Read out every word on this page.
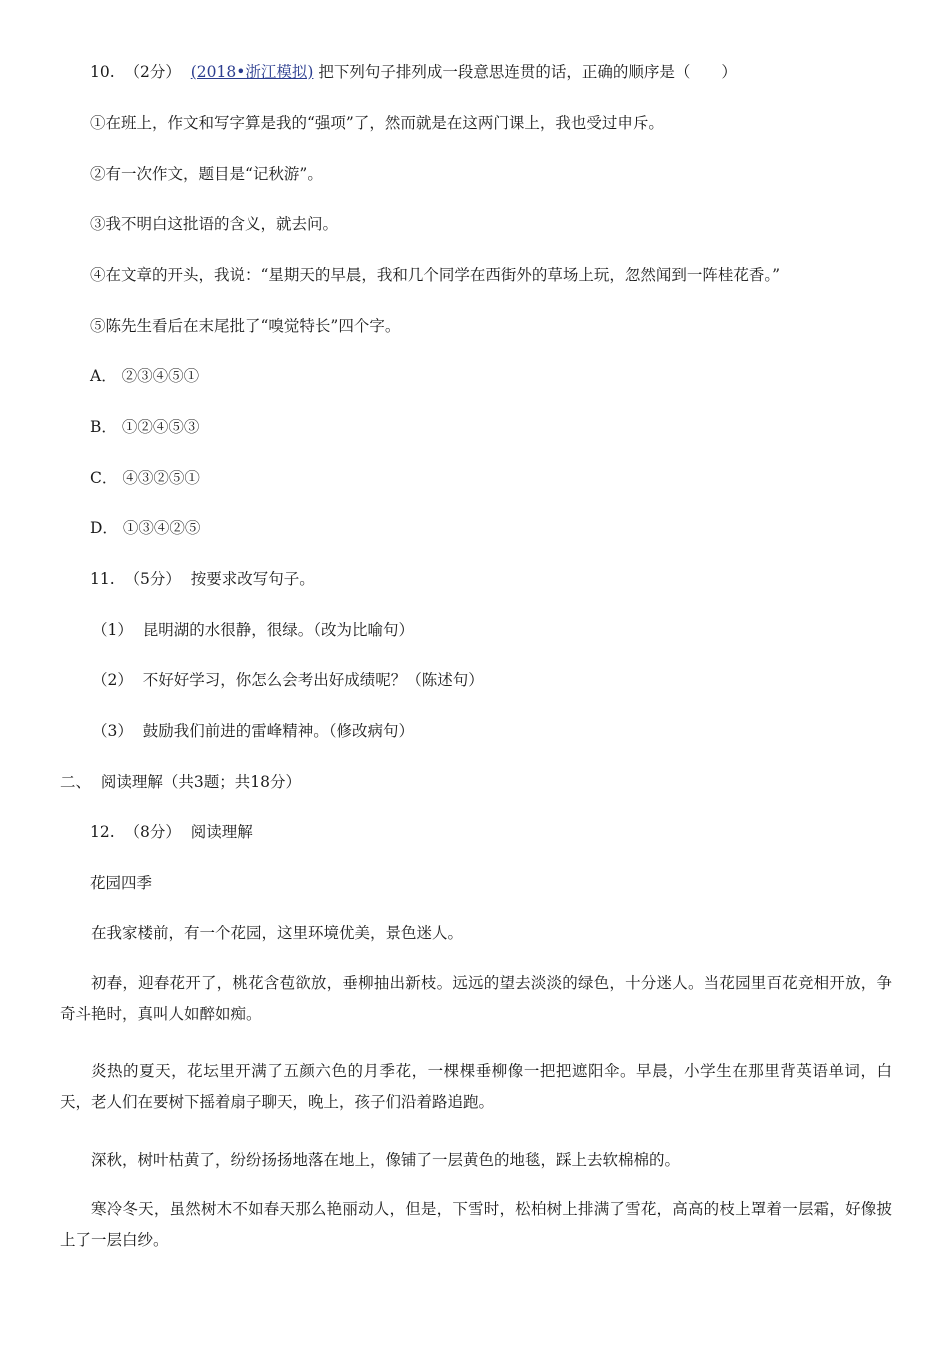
10. （2分） (2018•浙江模拟) 把下列句子排列成一段意思连贯的话，正确的顺序是（　　）
①在班上，作文和写字算是我的“强项”了，然而就是在这两门课上，我也受过申斥。
②有一次作文，题目是“记秋游”。
③我不明白这批语的含义，就去问。
④在文章的开头，我说：“星期天的早晨，我和几个同学在西街外的草场上玩，忽然闻到一阵桂花香。”
⑤陈先生看后在末尾批了“嗅觉特长”四个字。
A． ②③④⑤①
B． ①②④⑤③
C． ④③②⑤①
D． ①③④②⑤
11. （5分） 按要求改写句子。
（1） 昆明湖的水很静，很绿。（改为比喻句）
（2） 不好好学习，你怎么会考出好成绩呢？（陈述句）
（3） 鼓励我们前进的雷峰精神。（修改病句）
二、 阅读理解（共3题；共18分）
12. （8分） 阅读理解
花园四季
在我家楼前，有一个花园，这里环境优美，景色迷人。
初春，迎春花开了，桃花含苞欲放，垂柳抽出新枝。远远的望去淡淡的绿色，十分迷人。当花园里百花竞相开放，争奇斗艳时，真叫人如醉如痴。
炎热的夏天，花坛里开满了五颜六色的月季花，一棵棵垂柳像一把把遮阳伞。早晨，小学生在那里背英语单词，白天，老人们在要树下摇着扇子聊天，晚上，孩子们沿着路追跑。
深秋，树叶枯黄了，纷纷扬扬地落在地上，像铺了一层黄色的地毯，踩上去软棉棉的。
寒冷冬天，虽然树木不如春天那么艳丽动人，但是，下雪时，松柏树上排满了雪花，高高的枝上罩着一层霜，好像披上了一层白纱。
